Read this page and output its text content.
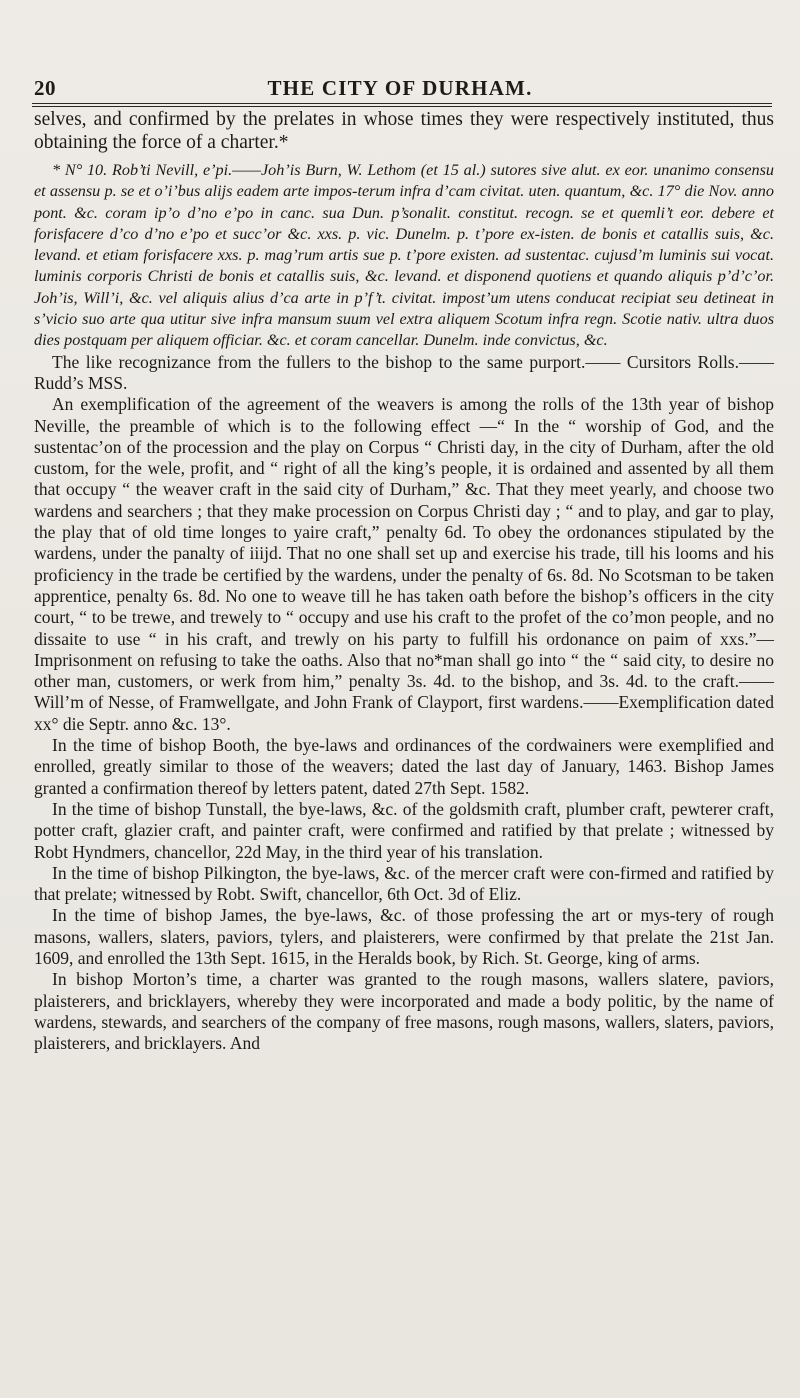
20	THE CITY OF DURHAM.

selves, and confirmed by the prelates in whose times they were respectively instituted, thus obtaining the force of a charter.*

* N° 10. Rob’ti Nevill, e’pi.——Joh’is Burn, W. Lethom (et 15 al.) sutores sive alut. ex eor. unanimo consensu et assensu p. se et o’i’bus alijs eadem arte impos-terum infra d’cam civitat. uten. quantum, &c. 17° die Nov. anno pont. &c. coram ip’o d’no e’po in canc. sua Dun. p’sonalit. constitut. recogn. se et quemli’t eor. debere et forisfacere d’co d’no e’po et succ’or &c. xxs. p. vic. Dunelm. p. t’pore ex-isten. de bonis et catallis suis, &c. levand. et etiam forisfacere xxs. p. mag’rum artis sue p. t’pore existen. ad sustentac. cujusd’m luminis sui vocat. luminis corporis Christi de bonis et catallis suis, &c. levand. et disponend quotiens et quando aliquis p’d’c’or. Joh’is, Will’i, &c. vel aliquis alius d’ca arte in p’f’t. civitat. impost’um utens conducat recipiat seu detineat in s’vicio suo arte qua utitur sive infra mansum suum vel extra aliquem Scotum infra regn. Scotie nativ. ultra duos dies postquam per aliquem officiar. &c. et coram cancellar. Dunelm. inde convictus, &c.

The like recognizance from the fullers to the bishop to the same purport.—— Cursitors Rolls.——Rudd’s MSS.

An exemplification of the agreement of the weavers is among the rolls of the 13th year of bishop Neville, the preamble of which is to the following effect —“ In the “ worship of God, and the sustentac’on of the procession and the play on Corpus “ Christi day, in the city of Durham, after the old custom, for the wele, profit, and “ right of all the king’s people, it is ordained and assented by all them that occupy “ the weaver craft in the said city of Durham,” &c. That they meet yearly, and choose two wardens and searchers ; that they make procession on Corpus Christi day ; “ and to play, and gar to play, the play that of old time longes to yaire craft,” penalty 6d. To obey the ordonances stipulated by the wardens, under the panalty of iiijd. That no one shall set up and exercise his trade, till his looms and his proficiency in the trade be certified by the wardens, under the penalty of 6s. 8d. No Scotsman to be taken apprentice, penalty 6s. 8d. No one to weave till he has taken oath before the bishop’s officers in the city court, “ to be trewe, and trewely to “ occupy and use his craft to the profet of the co’mon people, and no dissaite to use “ in his craft, and trewly on his party to fulfill his ordonance on paim of xxs.”— Imprisonment on refusing to take the oaths. Also that no*man shall go into “ the “ said city, to desire no other man, customers, or werk from him,” penalty 3s. 4d. to the bishop, and 3s. 4d. to the craft.——Will’m of Nesse, of Framwellgate, and John Frank of Clayport, first wardens.——Exemplification dated xx° die Septr. anno &c. 13°.

In the time of bishop Booth, the bye-laws and ordinances of the cordwainers were exemplified and enrolled, greatly similar to those of the weavers; dated the last day of January, 1463. Bishop James granted a confirmation thereof by letters patent, dated 27th Sept. 1582.

In the time of bishop Tunstall, the bye-laws, &c. of the goldsmith craft, plumber craft, pewterer craft, potter craft, glazier craft, and painter craft, were confirmed and ratified by that prelate ; witnessed by Robt Hyndmers, chancellor, 22d May, in the third year of his translation.

In the time of bishop Pilkington, the bye-laws, &c. of the mercer craft were con-firmed and ratified by that prelate; witnessed by Robt. Swift, chancellor, 6th Oct. 3d of Eliz.

In the time of bishop James, the bye-laws, &c. of those professing the art or mys-tery of rough masons, wallers, slaters, paviors, tylers, and plaisterers, were confirmed by that prelate the 21st Jan. 1609, and enrolled the 13th Sept. 1615, in the Heralds book, by Rich. St. George, king of arms.

In bishop Morton’s time, a charter was granted to the rough masons, wallers slatere, paviors, plaisterers, and bricklayers, whereby they were incorporated and made a body politic, by the name of wardens, stewards, and searchers of the company of free masons, rough masons, wallers, slaters, paviors, plaisterers, and bricklayers. And
